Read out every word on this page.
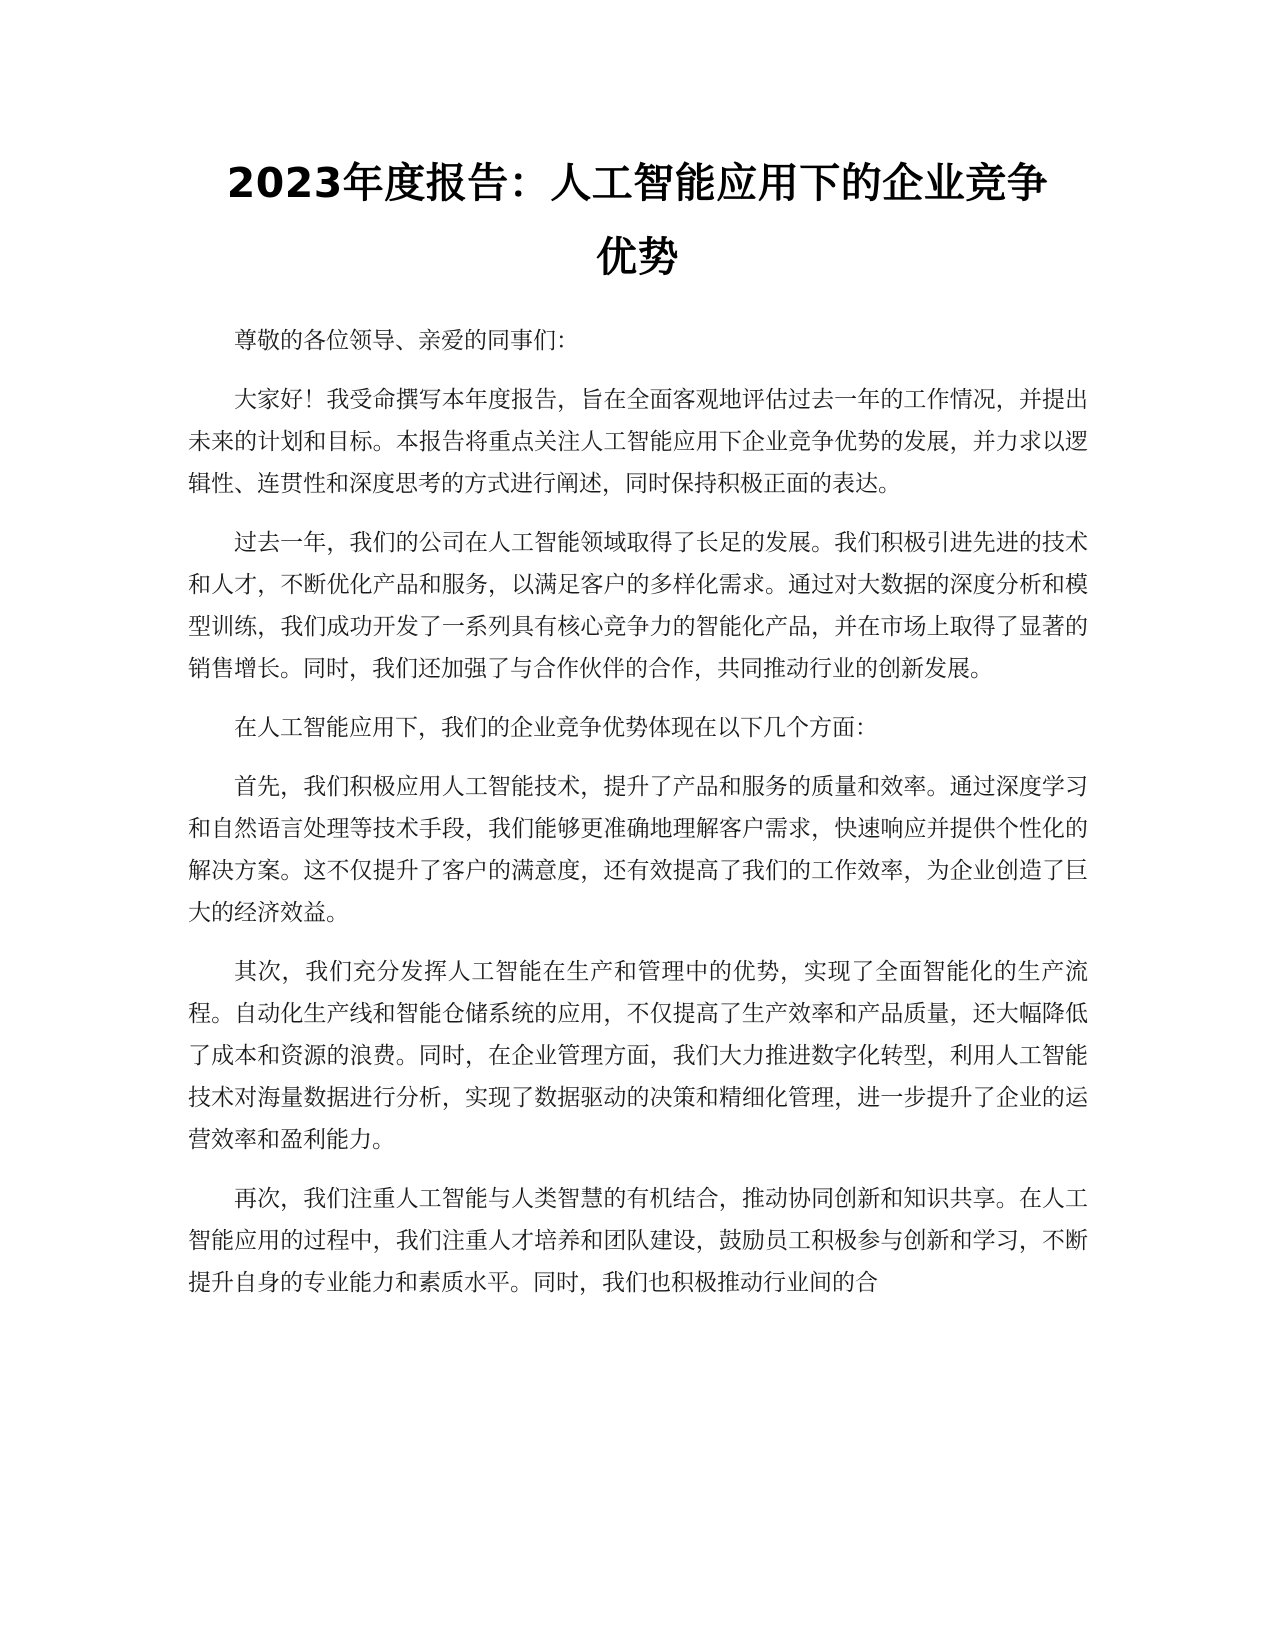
2023年度报告：人工智能应用下的企业竞争
优势

尊敬的各位领导、亲爱的同事们：

大家好！我受命撰写本年度报告，旨在全面客观地评估过去一年的工作情况，并提出未来的计划和目标。本报告将重点关注人工智能应用下企业竞争优势的发展，并力求以逻辑性、连贯性和深度思考的方式进行阐述，同时保持积极正面的表达。

过去一年，我们的公司在人工智能领域取得了长足的发展。我们积极引进先进的技术和人才，不断优化产品和服务，以满足客户的多样化需求。通过对大数据的深度分析和模型训练，我们成功开发了一系列具有核心竞争力的智能化产品，并在市场上取得了显著的销售增长。同时，我们还加强了与合作伙伴的合作，共同推动行业的创新发展。

在人工智能应用下，我们的企业竞争优势体现在以下几个方面：

首先，我们积极应用人工智能技术，提升了产品和服务的质量和效率。通过深度学习和自然语言处理等技术手段，我们能够更准确地理解客户需求，快速响应并提供个性化的解决方案。这不仅提升了客户的满意度，还有效提高了我们的工作效率，为企业创造了巨大的经济效益。

其次，我们充分发挥人工智能在生产和管理中的优势，实现了全面智能化的生产流程。自动化生产线和智能仓储系统的应用，不仅提高了生产效率和产品质量，还大幅降低了成本和资源的浪费。同时，在企业管理方面，我们大力推进数字化转型，利用人工智能技术对海量数据进行分析，实现了数据驱动的决策和精细化管理，进一步提升了企业的运营效率和盈利能力。

再次，我们注重人工智能与人类智慧的有机结合，推动协同创新和知识共享。在人工智能应用的过程中，我们注重人才培养和团队建设，鼓励员工积极参与创新和学习，不断提升自身的专业能力和素质水平。同时，我们也积极推动行业间的合
